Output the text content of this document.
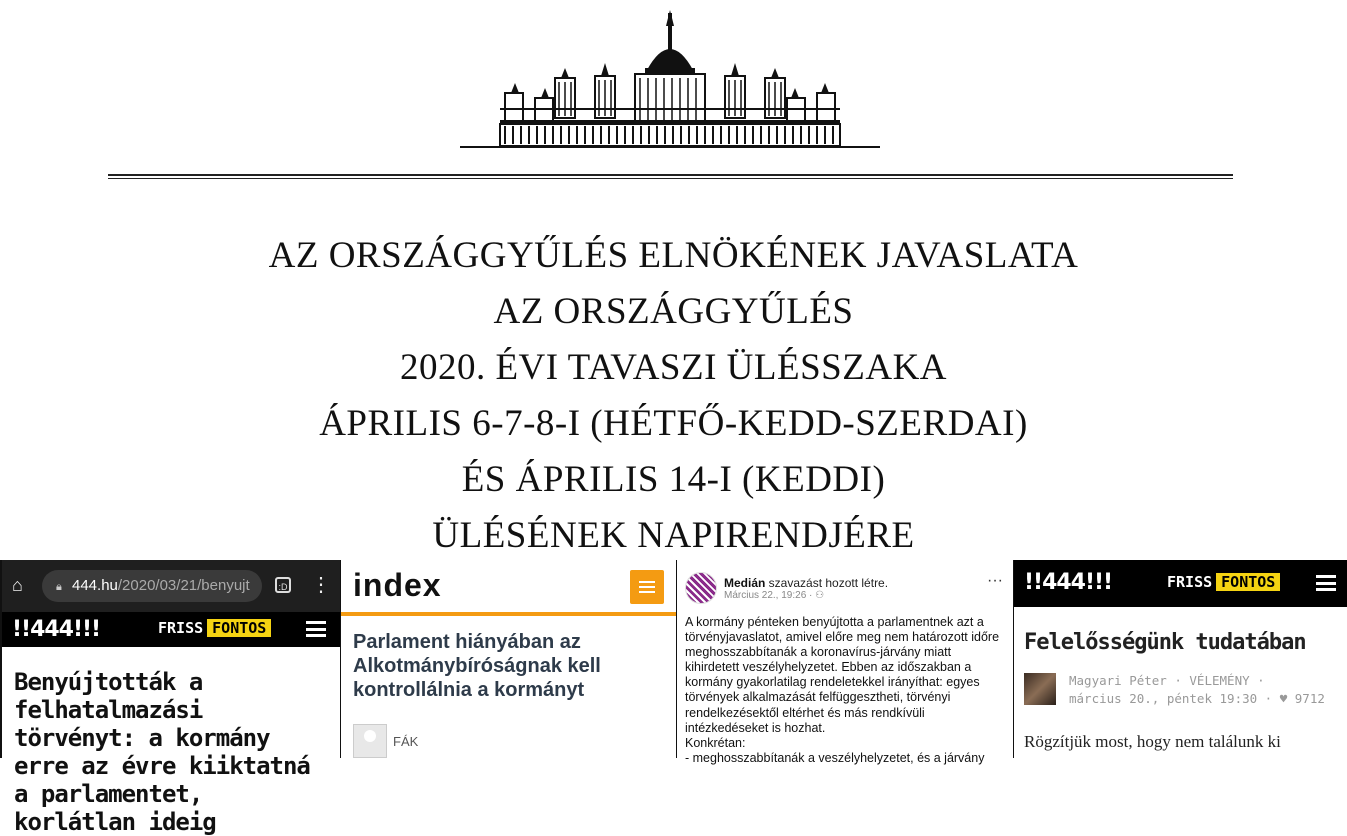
AZ ORSZÁGGYŰLÉS ELNÖKÉNEK JAVASLATA
AZ ORSZÁGGYŰLÉS
2020. ÉVI TAVASZI ÜLÉSSZAKA
ÁPRILIS 6-7-8-I (HÉTFŐ-KEDD-SZERDAI)
ÉS ÁPRILIS 14-I (KEDDI)
ÜLÉSÉNEK NAPIRENDJÉRE
⌂	🔒︎ 444.hu/2020/03/21/benyujt	:D ⋮
!!444!!!	FRISS FONTOS
Benyújtották a felhatalmazási törvényt: a kormány erre az évre kiiktatná a parlamentet, korlátlan ideig
index
Parlament hiányában az Alkotmánybíróságnak kell kontrollálnia a kormányt
FÁK
Medián szavazást hozott létre.
Március 22., 19:26 · ⚇
···
A kormány pénteken benyújtotta a parlamentnek azt a
törvényjavaslatot, amivel előre meg nem határozott időre
meghosszabbítanák a koronavírus-járvány miatt
kihirdetett veszélyhelyzetet. Ebben az időszakban a
kormány gyakorlatilag rendeletekkel irányíthat: egyes
törvények alkalmazását felfüggesztheti, törvényi
rendelkezésektől eltérhet és más rendkívüli
intézkedéseket is hozhat.
Konkrétan:
- meghosszabbítanák a veszélyhelyzetet, és a járvány
!!444!!!	FRISS FONTOS
Felelősségünk tudatában
Magyari Péter · VÉLEMÉNY ·
március 20., péntek 19:30 · ♥ 9712
Rögzítjük most, hogy nem találunk ki
